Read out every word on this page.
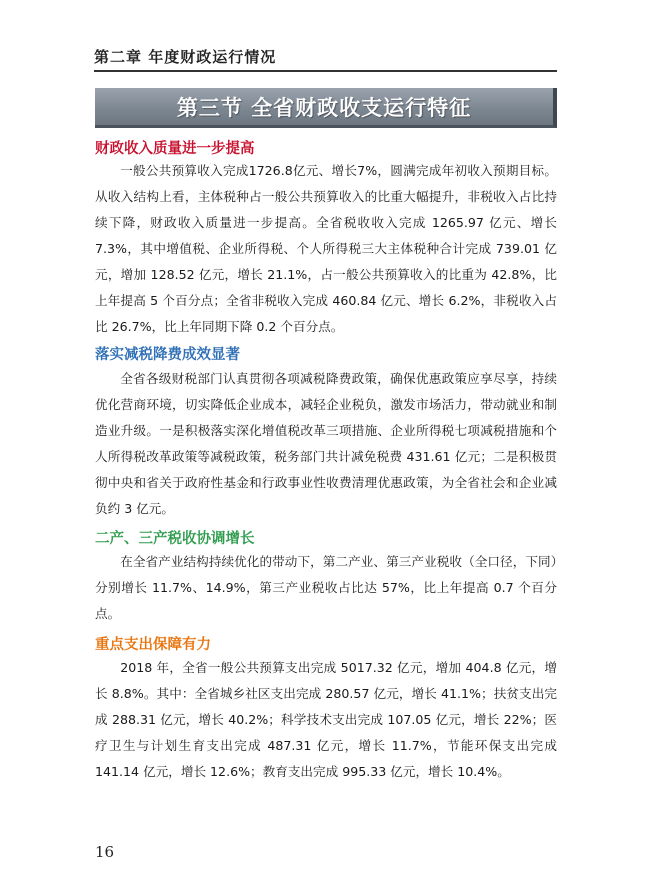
第二章 年度财政运行情况
第三节 全省财政收支运行特征
财政收入质量进一步提高

一般公共预算收入完成1726.8亿元、增长7%，圆满完成年初收入预期目标。从收入结构上看，主体税种占一般公共预算收入的比重大幅提升，非税收入占比持续下降，财政收入质量进一步提高。全省税收收入完成 1265.97 亿元、增长7.3%，其中增值税、企业所得税、个人所得税三大主体税种合计完成 739.01 亿元，增加 128.52 亿元，增长 21.1%，占一般公共预算收入的比重为 42.8%，比上年提高 5 个百分点；全省非税收入完成 460.84 亿元、增长 6.2%，非税收入占比 26.7%，比上年同期下降 0.2 个百分点。

落实减税降费成效显著

全省各级财税部门认真贯彻各项减税降费政策，确保优惠政策应享尽享，持续优化营商环境，切实降低企业成本，减轻企业税负，激发市场活力，带动就业和制造业升级。一是积极落实深化增值税改革三项措施、企业所得税七项减税措施和个人所得税改革政策等减税政策，税务部门共计减免税费 431.61 亿元；二是积极贯彻中央和省关于政府性基金和行政事业性收费清理优惠政策，为全省社会和企业减负约 3 亿元。

二产、三产税收协调增长

在全省产业结构持续优化的带动下，第二产业、第三产业税收（全口径，下同）分别增长 11.7%、14.9%，第三产业税收占比达 57%，比上年提高 0.7 个百分点。

重点支出保障有力

2018 年，全省一般公共预算支出完成 5017.32 亿元，增加 404.8 亿元，增长 8.8%。其中：全省城乡社区支出完成 280.57 亿元，增长 41.1%；扶贫支出完成 288.31 亿元，增长 40.2%；科学技术支出完成 107.05 亿元，增长 22%；医疗卫生与计划生育支出完成 487.31 亿元，增长 11.7%，节能环保支出完成 141.14 亿元，增长 12.6%；教育支出完成 995.33 亿元，增长 10.4%。

16
